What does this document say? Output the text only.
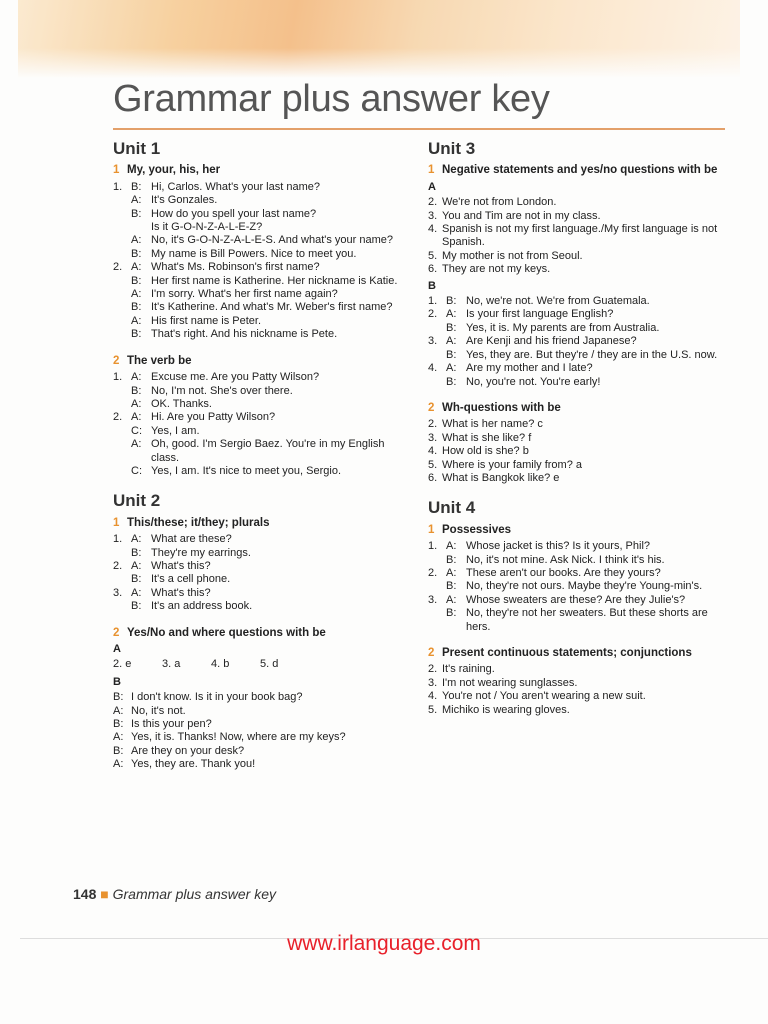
Grammar plus answer key
Unit 1
1 My, your, his, her
1. B: Hi, Carlos. What's your last name?
A: It's Gonzales.
B: How do you spell your last name?
Is it G-O-N-Z-A-L-E-Z?
A: No, it's G-O-N-Z-A-L-E-S. And what's your name?
B: My name is Bill Powers. Nice to meet you.
2. A: What's Ms. Robinson's first name?
B: Her first name is Katherine. Her nickname is Katie.
A: I'm sorry. What's her first name again?
B: It's Katherine. And what's Mr. Weber's first name?
A: His first name is Peter.
B: That's right. And his nickname is Pete.
2 The verb be
1. A: Excuse me. Are you Patty Wilson?
B: No, I'm not. She's over there.
A: OK. Thanks.
2. A: Hi. Are you Patty Wilson?
C: Yes, I am.
A: Oh, good. I'm Sergio Baez. You're in my English class.
C: Yes, I am. It's nice to meet you, Sergio.
Unit 2
1 This/these; it/they; plurals
1. A: What are these?
B: They're my earrings.
2. A: What's this?
B: It's a cell phone.
3. A: What's this?
B: It's an address book.
2 Yes/No and where questions with be
A
2. e	3. a	4. b	5. d
B
B: I don't know. Is it in your book bag?
A: No, it's not.
B: Is this your pen?
A: Yes, it is. Thanks! Now, where are my keys?
B: Are they on your desk?
A: Yes, they are. Thank you!
Unit 3
1 Negative statements and yes/no questions with be
A
2. We're not from London.
3. You and Tim are not in my class.
4. Spanish is not my first language./My first language is not Spanish.
5. My mother is not from Seoul.
6. They are not my keys.
B
1. B: No, we're not. We're from Guatemala.
2. A: Is your first language English?
B: Yes, it is. My parents are from Australia.
3. A: Are Kenji and his friend Japanese?
B: Yes, they are. But they're / they are in the U.S. now.
4. A: Are my mother and I late?
B: No, you're not. You're early!
2 Wh-questions with be
2. What is her name? c
3. What is she like? f
4. How old is she? b
5. Where is your family from? a
6. What is Bangkok like? e
Unit 4
1 Possessives
1. A: Whose jacket is this? Is it yours, Phil?
B: No, it's not mine. Ask Nick. I think it's his.
2. A: These aren't our books. Are they yours?
B: No, they're not ours. Maybe they're Young-min's.
3. A: Whose sweaters are these? Are they Julie's?
B: No, they're not her sweaters. But these shorts are hers.
2 Present continuous statements; conjunctions
2. It's raining.
3. I'm not wearing sunglasses.
4. You're not / You aren't wearing a new suit.
5. Michiko is wearing gloves.
148 ■ Grammar plus answer key
www.irlanguage.com
